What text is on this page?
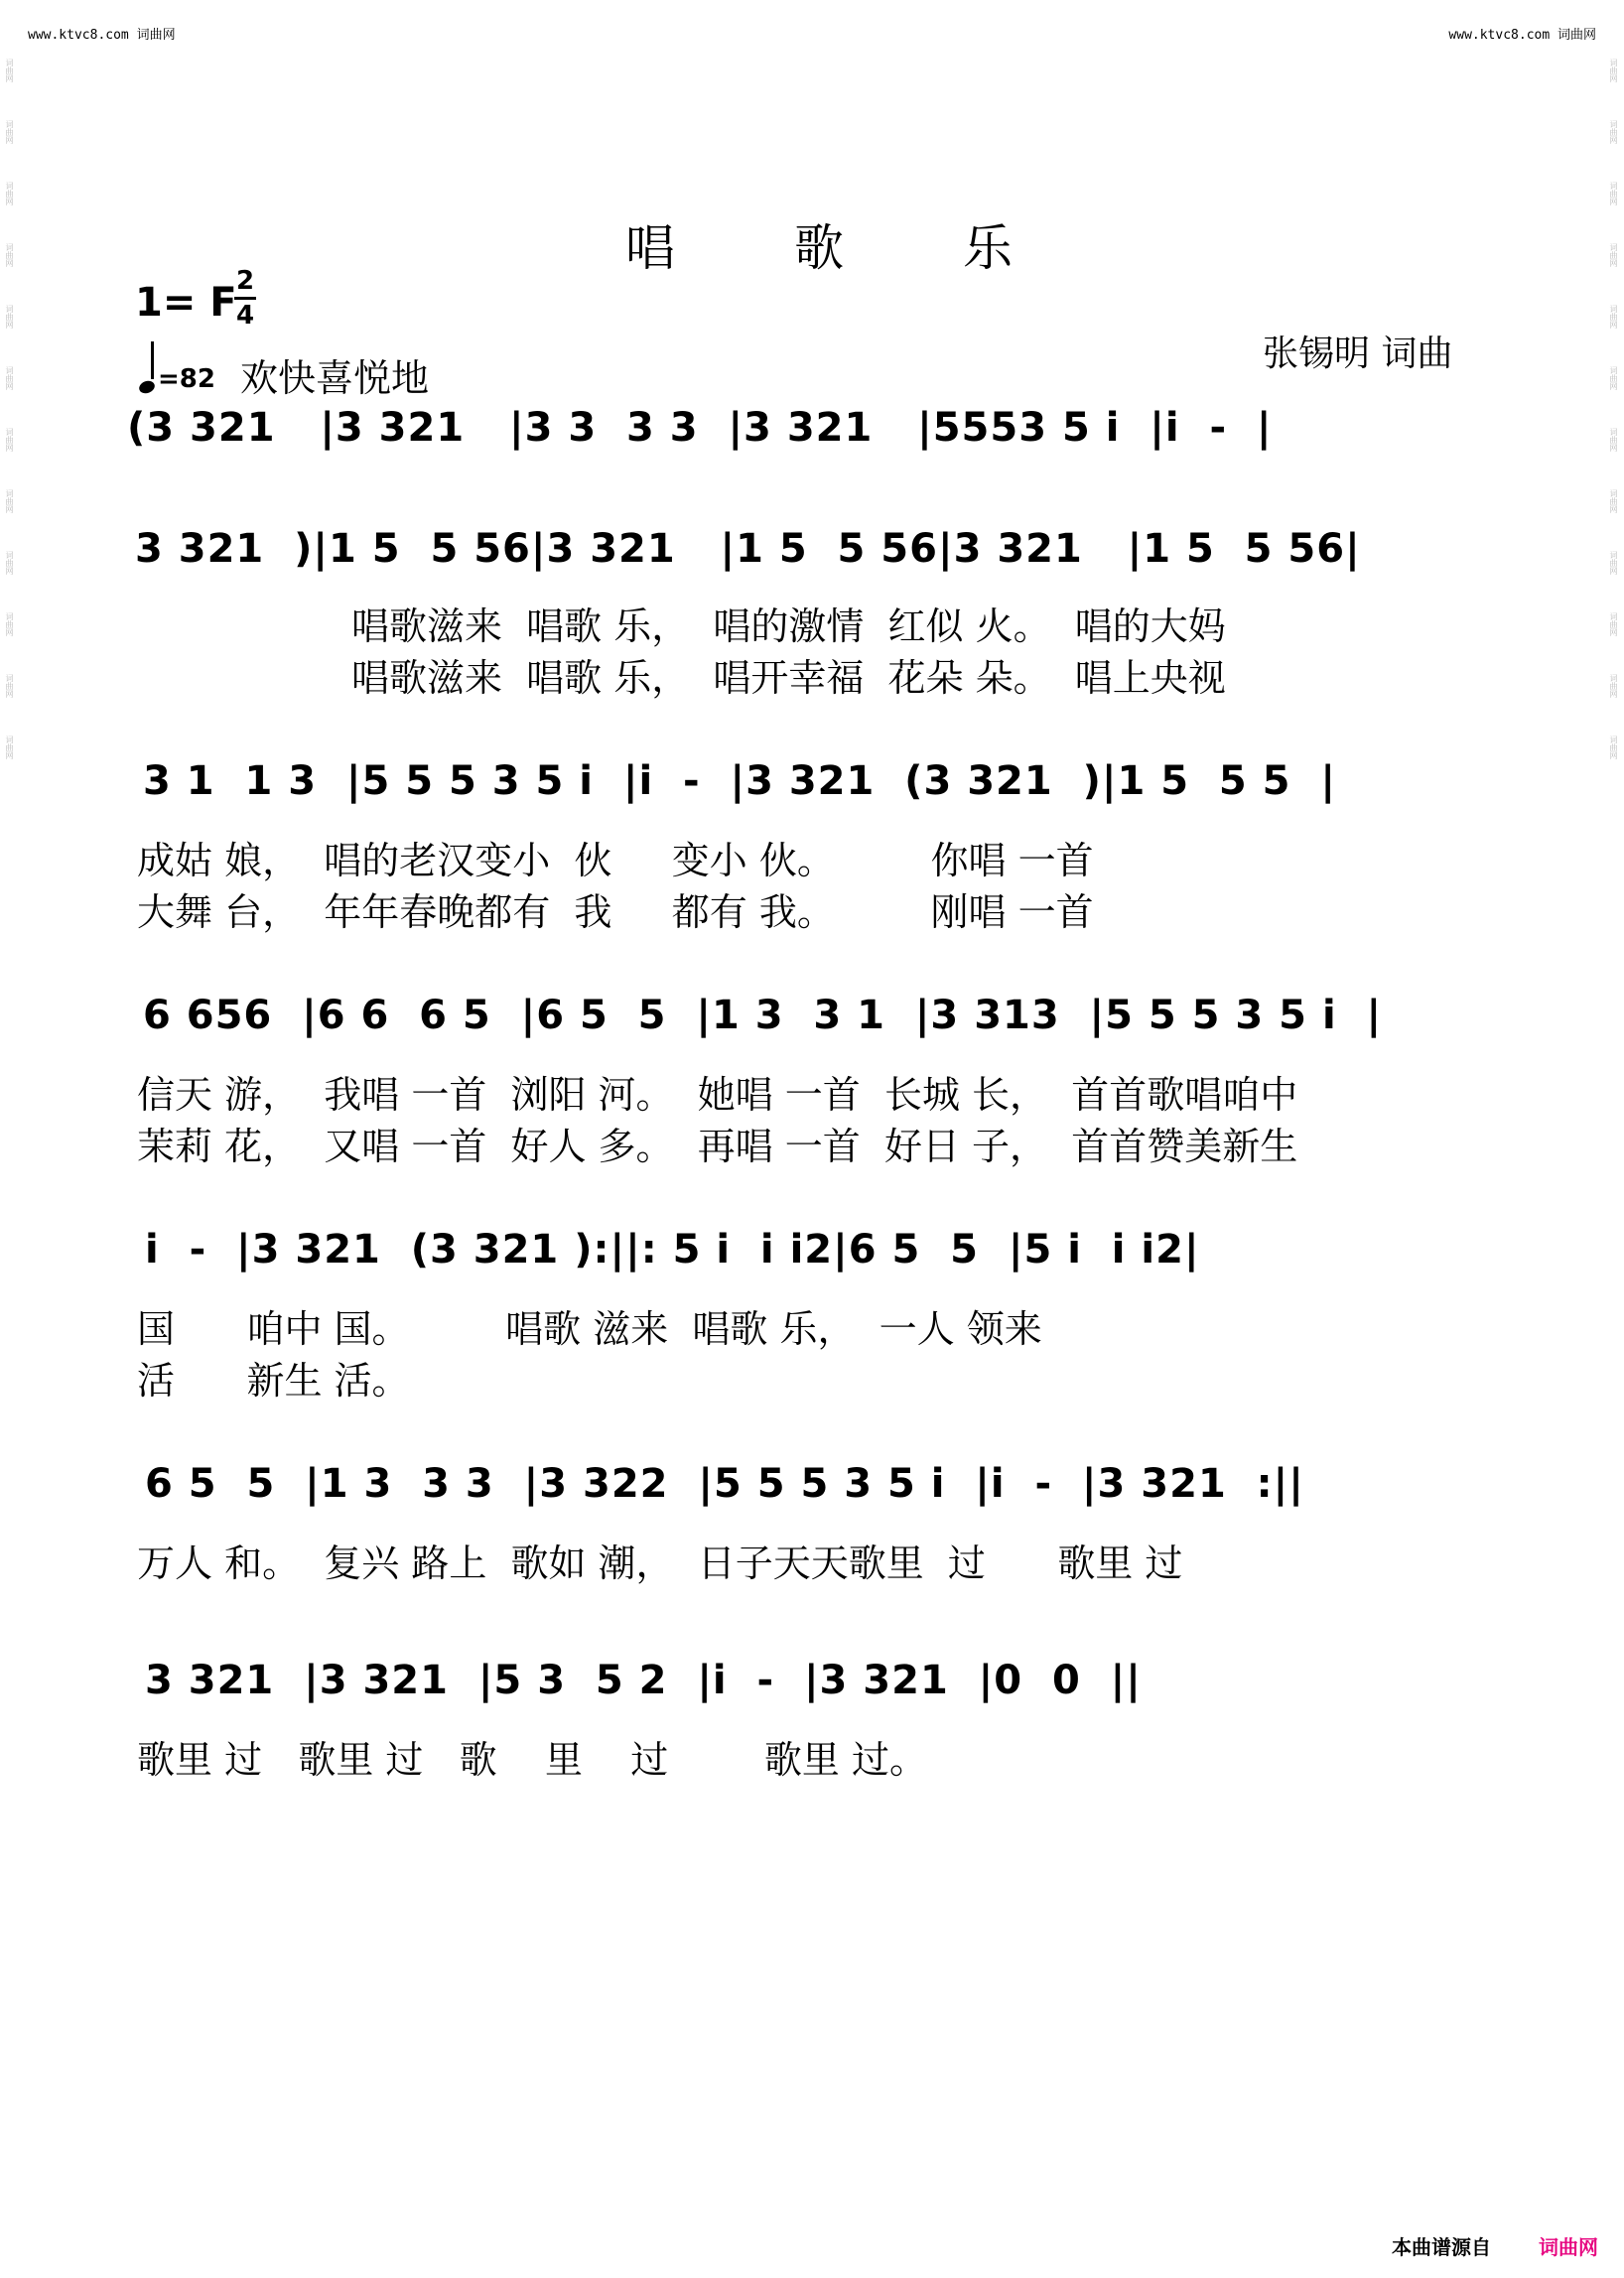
www.ktvc8.com 词曲网	www.ktvc8.com 词曲网
词曲网
词曲网
词曲网
词曲网
词曲网
词曲网
词曲网
词曲网
词曲网
词曲网
词曲网
词曲网
词曲网
词曲网
词曲网
词曲网
词曲网
词曲网
词曲网
词曲网
词曲网
词曲网
词曲网
词曲网
唱 歌 乐
1= F 2
4
=82 欢快喜悦地
张锡明 词曲
(3 321   |3 321   |3 3  3 3  |3 321   |5553 5 i  |i  -  |
3 321  )|1 5  5 56|3 321   |1 5  5 56|3 321   |1 5  5 56|
唱歌滋来  唱歌 乐，  唱的激情  红似 火。  唱的大妈
唱歌滋来  唱歌 乐，  唱开幸福  花朵 朵。  唱上央视
3 1  1 3  |5 5 5 3 5 i  |i  -  |3 321  (3 321  )|1 5  5 5  |
成姑 娘，  唱的老汉变小  伙     变小 伙。        你唱 一首
大舞 台，  年年春晚都有  我     都有 我。        刚唱 一首
6 656  |6 6  6 5  |6 5  5  |1 3  3 1  |3 313  |5 5 5 3 5 i  |
信天 游，  我唱 一首  浏阳 河。  她唱 一首  长城 长，  首首歌唱咱中
茉莉 花，  又唱 一首  好人 多。  再唱 一首  好日 子，  首首赞美新生
i  -  |3 321  (3 321 ):||: 5 i  i i2|6 5  5  |5 i  i i2|
国      咱中 国。        唱歌 滋来  唱歌 乐，  一人 领来
活      新生 活。
6 5  5  |1 3  3 3  |3 322  |5 5 5 3 5 i  |i  -  |3 321  :||
万人 和。  复兴 路上  歌如 潮，  日子天天歌里  过      歌里 过
3 321  |3 321  |5 3  5 2  |i  -  |3 321  |0  0  ||
歌里 过   歌里 过   歌    里    过        歌里 过。
本曲谱源自 词曲网
